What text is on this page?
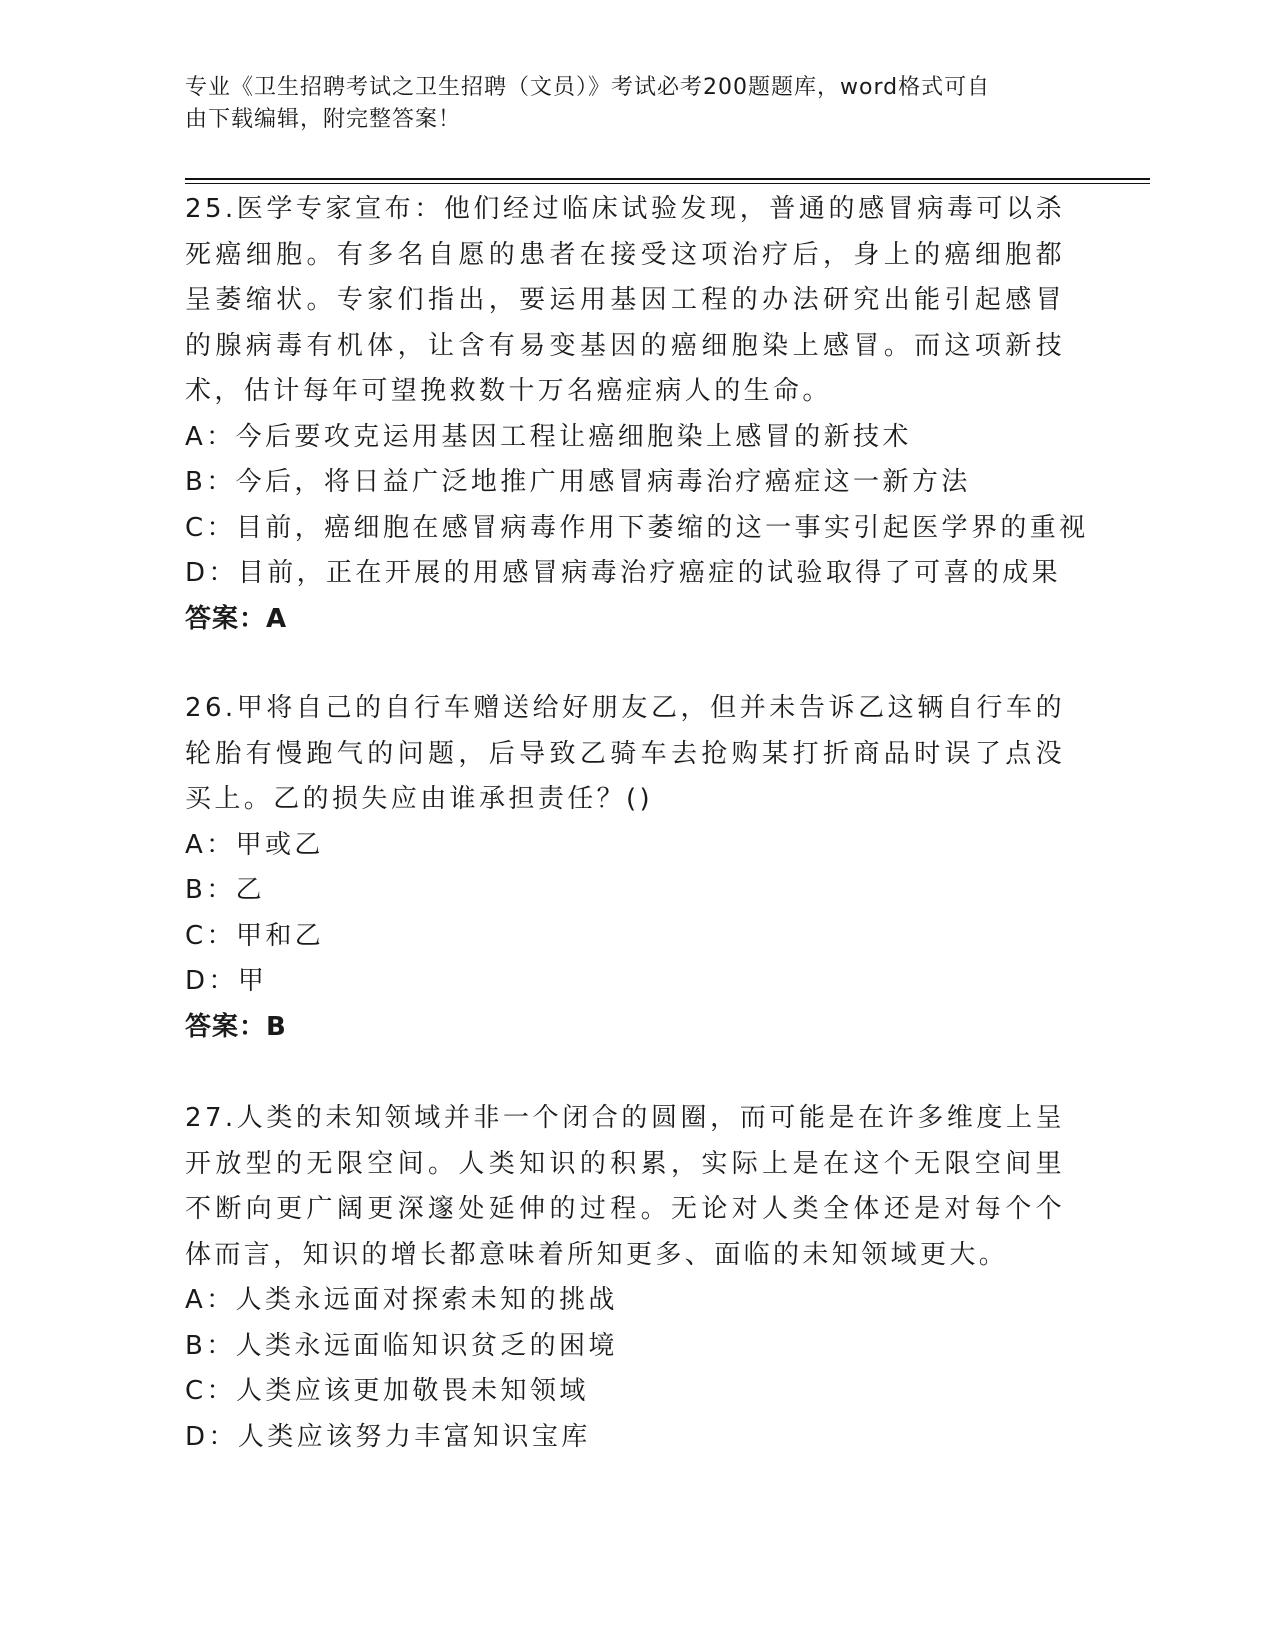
专业《卫生招聘考试之卫生招聘（文员）》考试必考200题题库，word格式可自
由下载编辑，附完整答案！

25.医学专家宣布：他们经过临床试验发现，普通的感冒病毒可以杀死癌细胞。有多名自愿的患者在接受这项治疗后，身上的癌细胞都呈萎缩状。专家们指出，要运用基因工程的办法研究出能引起感冒的腺病毒有机体，让含有易变基因的癌细胞染上感冒。而这项新技术，估计每年可望挽救数十万名癌症病人的生命。

A：今后要攻克运用基因工程让癌细胞染上感冒的新技术

B：今后，将日益广泛地推广用感冒病毒治疗癌症这一新方法

C：目前，癌细胞在感冒病毒作用下萎缩的这一事实引起医学界的重视

D：目前，正在开展的用感冒病毒治疗癌症的试验取得了可喜的成果

答案：A

26.甲将自己的自行车赠送给好朋友乙，但并未告诉乙这辆自行车的轮胎有慢跑气的问题，后导致乙骑车去抢购某打折商品时误了点没买上。乙的损失应由谁承担责任？()

A：甲或乙

B：乙

C：甲和乙

D：甲

答案：B

27.人类的未知领域并非一个闭合的圆圈，而可能是在许多维度上呈开放型的无限空间。人类知识的积累，实际上是在这个无限空间里不断向更广阔更深邃处延伸的过程。无论对人类全体还是对每个个体而言，知识的增长都意味着所知更多、面临的未知领域更大。

A：人类永远面对探索未知的挑战

B：人类永远面临知识贫乏的困境

C：人类应该更加敬畏未知领域

D：人类应该努力丰富知识宝库
